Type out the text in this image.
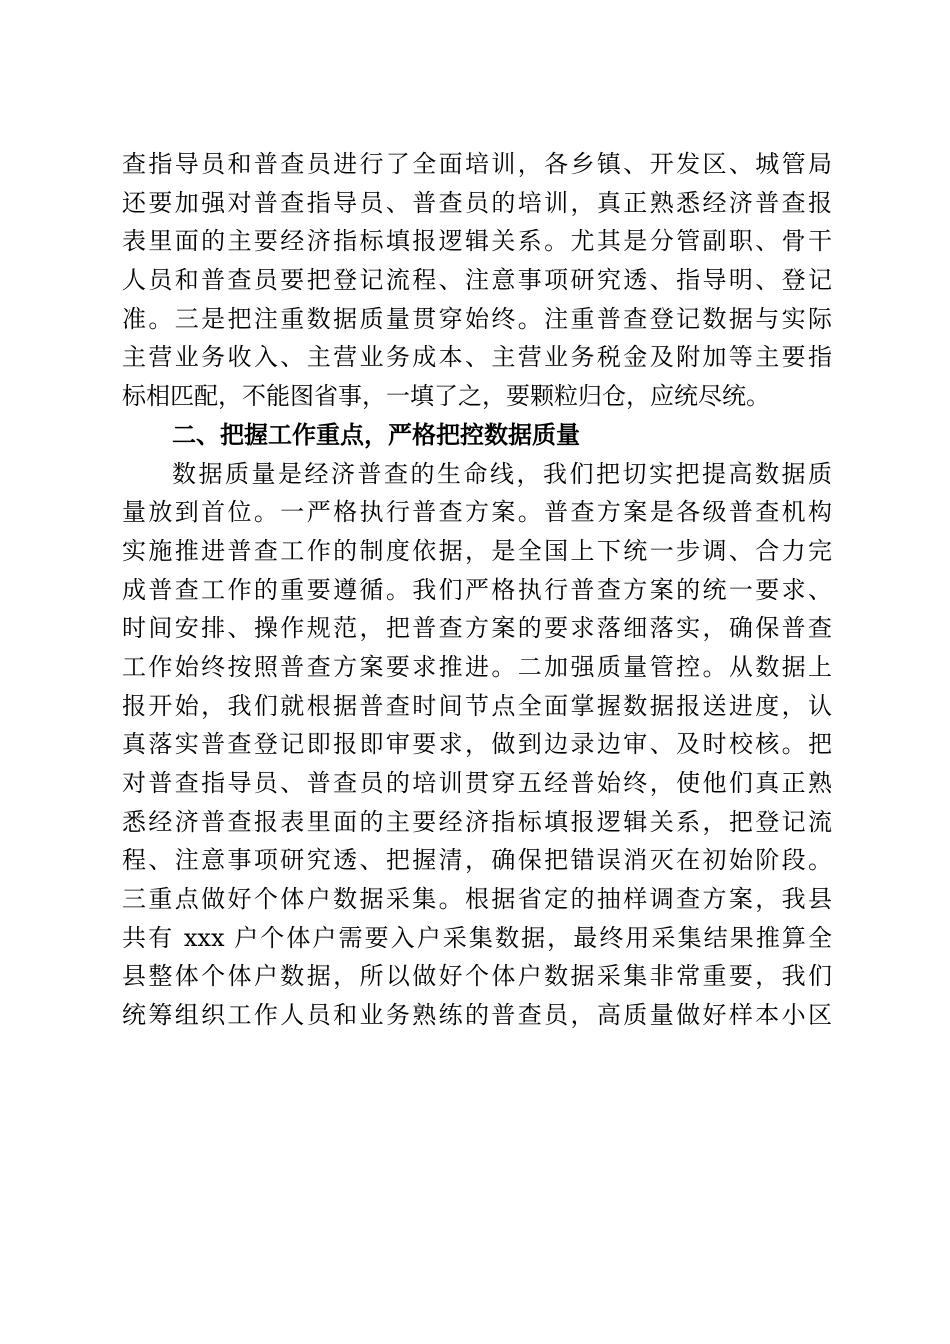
查指导员和普查员进行了全面培训，各乡镇、开发区、城管局
还要加强对普查指导员、普查员的培训，真正熟悉经济普查报
表里面的主要经济指标填报逻辑关系。尤其是分管副职、骨干
人员和普查员要把登记流程、注意事项研究透、指导明、登记
准。三是把注重数据质量贯穿始终。注重普查登记数据与实际
主营业务收入、主营业务成本、主营业务税金及附加等主要指
标相匹配，不能图省事，一填了之，要颗粒归仓，应统尽统。
二、把握工作重点，严格把控数据质量
数据质量是经济普查的生命线，我们把切实把提高数据质
量放到首位。一严格执行普查方案。普查方案是各级普查机构
实施推进普查工作的制度依据，是全国上下统一步调、合力完
成普查工作的重要遵循。我们严格执行普查方案的统一要求、
时间安排、操作规范，把普查方案的要求落细落实，确保普查
工作始终按照普查方案要求推进。二加强质量管控。从数据上
报开始，我们就根据普查时间节点全面掌握数据报送进度，认
真落实普查登记即报即审要求，做到边录边审、及时校核。把
对普查指导员、普查员的培训贯穿五经普始终，使他们真正熟
悉经济普查报表里面的主要经济指标填报逻辑关系，把登记流
程、注意事项研究透、把握清，确保把错误消灭在初始阶段。
三重点做好个体户数据采集。根据省定的抽样调查方案，我县
共有 xxx 户个体户需要入户采集数据，最终用采集结果推算全
县整体个体户数据，所以做好个体户数据采集非常重要，我们
统筹组织工作人员和业务熟练的普查员，高质量做好样本小区
